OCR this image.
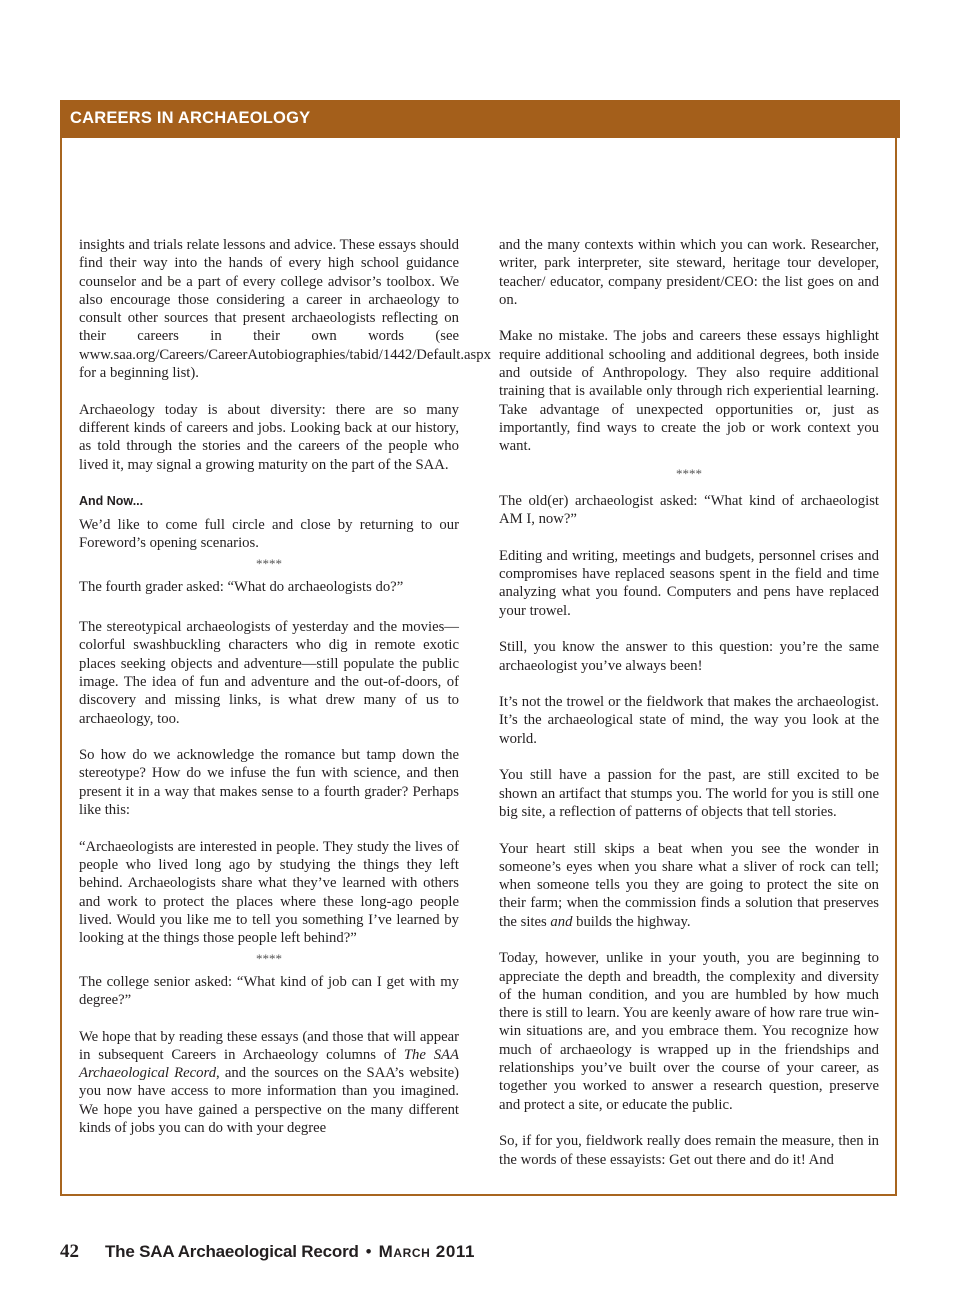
CAREERS IN ARCHAEOLOGY

insights and trials relate lessons and advice. These essays should find their way into the hands of every high school guidance counselor and be a part of every college advisor’s toolbox. We also encourage those considering a career in archaeology to consult other sources that present archaeologists reflecting on their careers in their own words (see www.saa.org/Careers/CareerAutobiographies/tabid/1442/Default.aspx for a beginning list).

Archaeology today is about diversity: there are so many different kinds of careers and jobs. Looking back at our history, as told through the stories and the careers of the people who lived it, may signal a growing maturity on the part of the SAA.

And Now...

We’d like to come full circle and close by returning to our Foreword’s opening scenarios.

****

The fourth grader asked: “What do archaeologists do?”

The stereotypical archaeologists of yesterday and the movies—colorful swashbuckling characters who dig in remote exotic places seeking objects and adventure—still populate the public image. The idea of fun and adventure and the out-of-doors, of discovery and missing links, is what drew many of us to archaeology, too.

So how do we acknowledge the romance but tamp down the stereotype? How do we infuse the fun with science, and then present it in a way that makes sense to a fourth grader? Perhaps like this:

“Archaeologists are interested in people. They study the lives of people who lived long ago by studying the things they left behind. Archaeologists share what they’ve learned with others and work to protect the places where these long-ago people lived. Would you like me to tell you something I’ve learned by looking at the things those people left behind?”

****

The college senior asked: “What kind of job can I get with my degree?”

We hope that by reading these essays (and those that will appear in subsequent Careers in Archaeology columns of The SAA Archaeological Record, and the sources on the SAA’s website) you now have access to more information than you imagined. We hope you have gained a perspective on the many different kinds of jobs you can do with your degree

and the many contexts within which you can work. Researcher, writer, park interpreter, site steward, heritage tour developer, teacher/ educator, company president/CEO: the list goes on and on.

Make no mistake. The jobs and careers these essays highlight require additional schooling and additional degrees, both inside and outside of Anthropology. They also require additional training that is available only through rich experiential learning. Take advantage of unexpected opportunities or, just as importantly, find ways to create the job or work context you want.

****

The old(er) archaeologist asked: “What kind of archaeologist AM I, now?”

Editing and writing, meetings and budgets, personnel crises and compromises have replaced seasons spent in the field and time analyzing what you found. Computers and pens have replaced your trowel.

Still, you know the answer to this question: you’re the same archaeologist you’ve always been!

It’s not the trowel or the fieldwork that makes the archaeologist. It’s the archaeological state of mind, the way you look at the world.

You still have a passion for the past, are still excited to be shown an artifact that stumps you. The world for you is still one big site, a reflection of patterns of objects that tell stories.

Your heart still skips a beat when you see the wonder in someone’s eyes when you share what a sliver of rock can tell; when someone tells you they are going to protect the site on their farm; when the commission finds a solution that preserves the sites and builds the highway.

Today, however, unlike in your youth, you are beginning to appreciate the depth and breadth, the complexity and diversity of the human condition, and you are humbled by how much there is still to learn. You are keenly aware of how rare true win-win situations are, and you embrace them. You recognize how much of archaeology is wrapped up in the friendships and relationships you’ve built over the course of your career, as together you worked to answer a research question, preserve and protect a site, or educate the public.

So, if for you, fieldwork really does remain the measure, then in the words of these essayists: Get out there and do it! And

42 The SAA Archaeological Record • March 2011
